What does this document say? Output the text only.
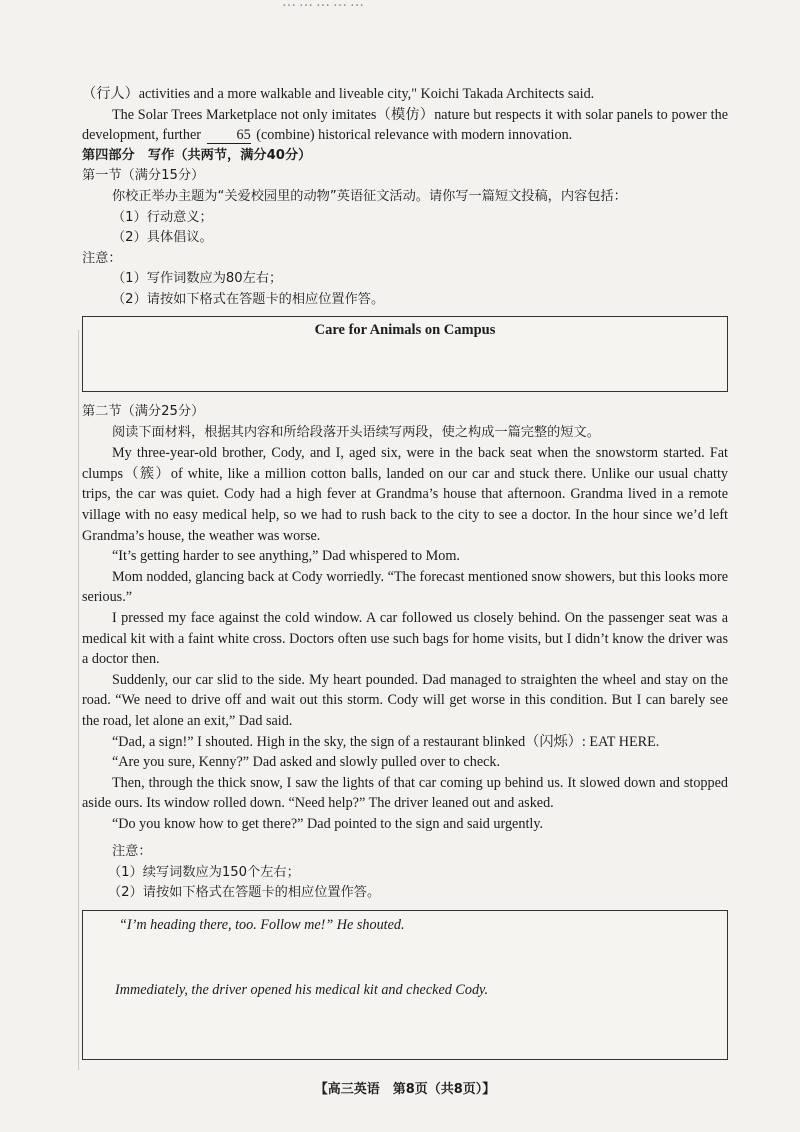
（行人）activities and a more walkable and liveable city," Koichi Takada Architects said.

The Solar Trees Marketplace not only imitates（模仿）nature but respects it with solar panels to power the development, further	65 (combine) historical relevance with modern innovation.

第四部分　写作（共两节，满分40分）

第一节（满分15分）

你校正举办主题为“关爱校园里的动物”英语征文活动。请你写一篇短文投稿，内容包括：

（1）行动意义；

（2）具体倡议。

注意：

（1）写作词数应为80左右；

（2）请按如下格式在答题卡的相应位置作答。

Care for Animals on Campus

第二节（满分25分）

阅读下面材料，根据其内容和所给段落开头语续写两段，使之构成一篇完整的短文。

My three-year-old brother, Cody, and I, aged six, were in the back seat when the snowstorm started. Fat clumps（簇）of white, like a million cotton balls, landed on our car and stuck there. Unlike our usual chatty trips, the car was quiet. Cody had a high fever at Grandma’s house that afternoon. Grandma lived in a remote village with no easy medical help, so we had to rush back to the city to see a doctor. In the hour since we’d left Grandma’s house, the weather was worse.

“It’s getting harder to see anything,” Dad whispered to Mom.

Mom nodded, glancing back at Cody worriedly. “The forecast mentioned snow showers, but this looks more serious.”

I pressed my face against the cold window. A car followed us closely behind. On the passenger seat was a medical kit with a faint white cross. Doctors often use such bags for home visits, but I didn’t know the driver was a doctor then.

Suddenly, our car slid to the side. My heart pounded. Dad managed to straighten the wheel and stay on the road. “We need to drive off and wait out this storm. Cody will get worse in this condition. But I can barely see the road, let alone an exit,” Dad said.

“Dad, a sign!” I shouted. High in the sky, the sign of a restaurant blinked（闪烁）: EAT HERE.

“Are you sure, Kenny?” Dad asked and slowly pulled over to check.

Then, through the thick snow, I saw the lights of that car coming up behind us. It slowed down and stopped aside ours. Its window rolled down. “Need help?” The driver leaned out and asked.

“Do you know how to get there?” Dad pointed to the sign and said urgently.

注意：

（1）续写词数应为150个左右；

（2）请按如下格式在答题卡的相应位置作答。

“I’m heading there, too. Follow me!” He shouted.
Immediately, the driver opened his medical kit and checked Cody.
【高三英语　第8页（共8页）】
